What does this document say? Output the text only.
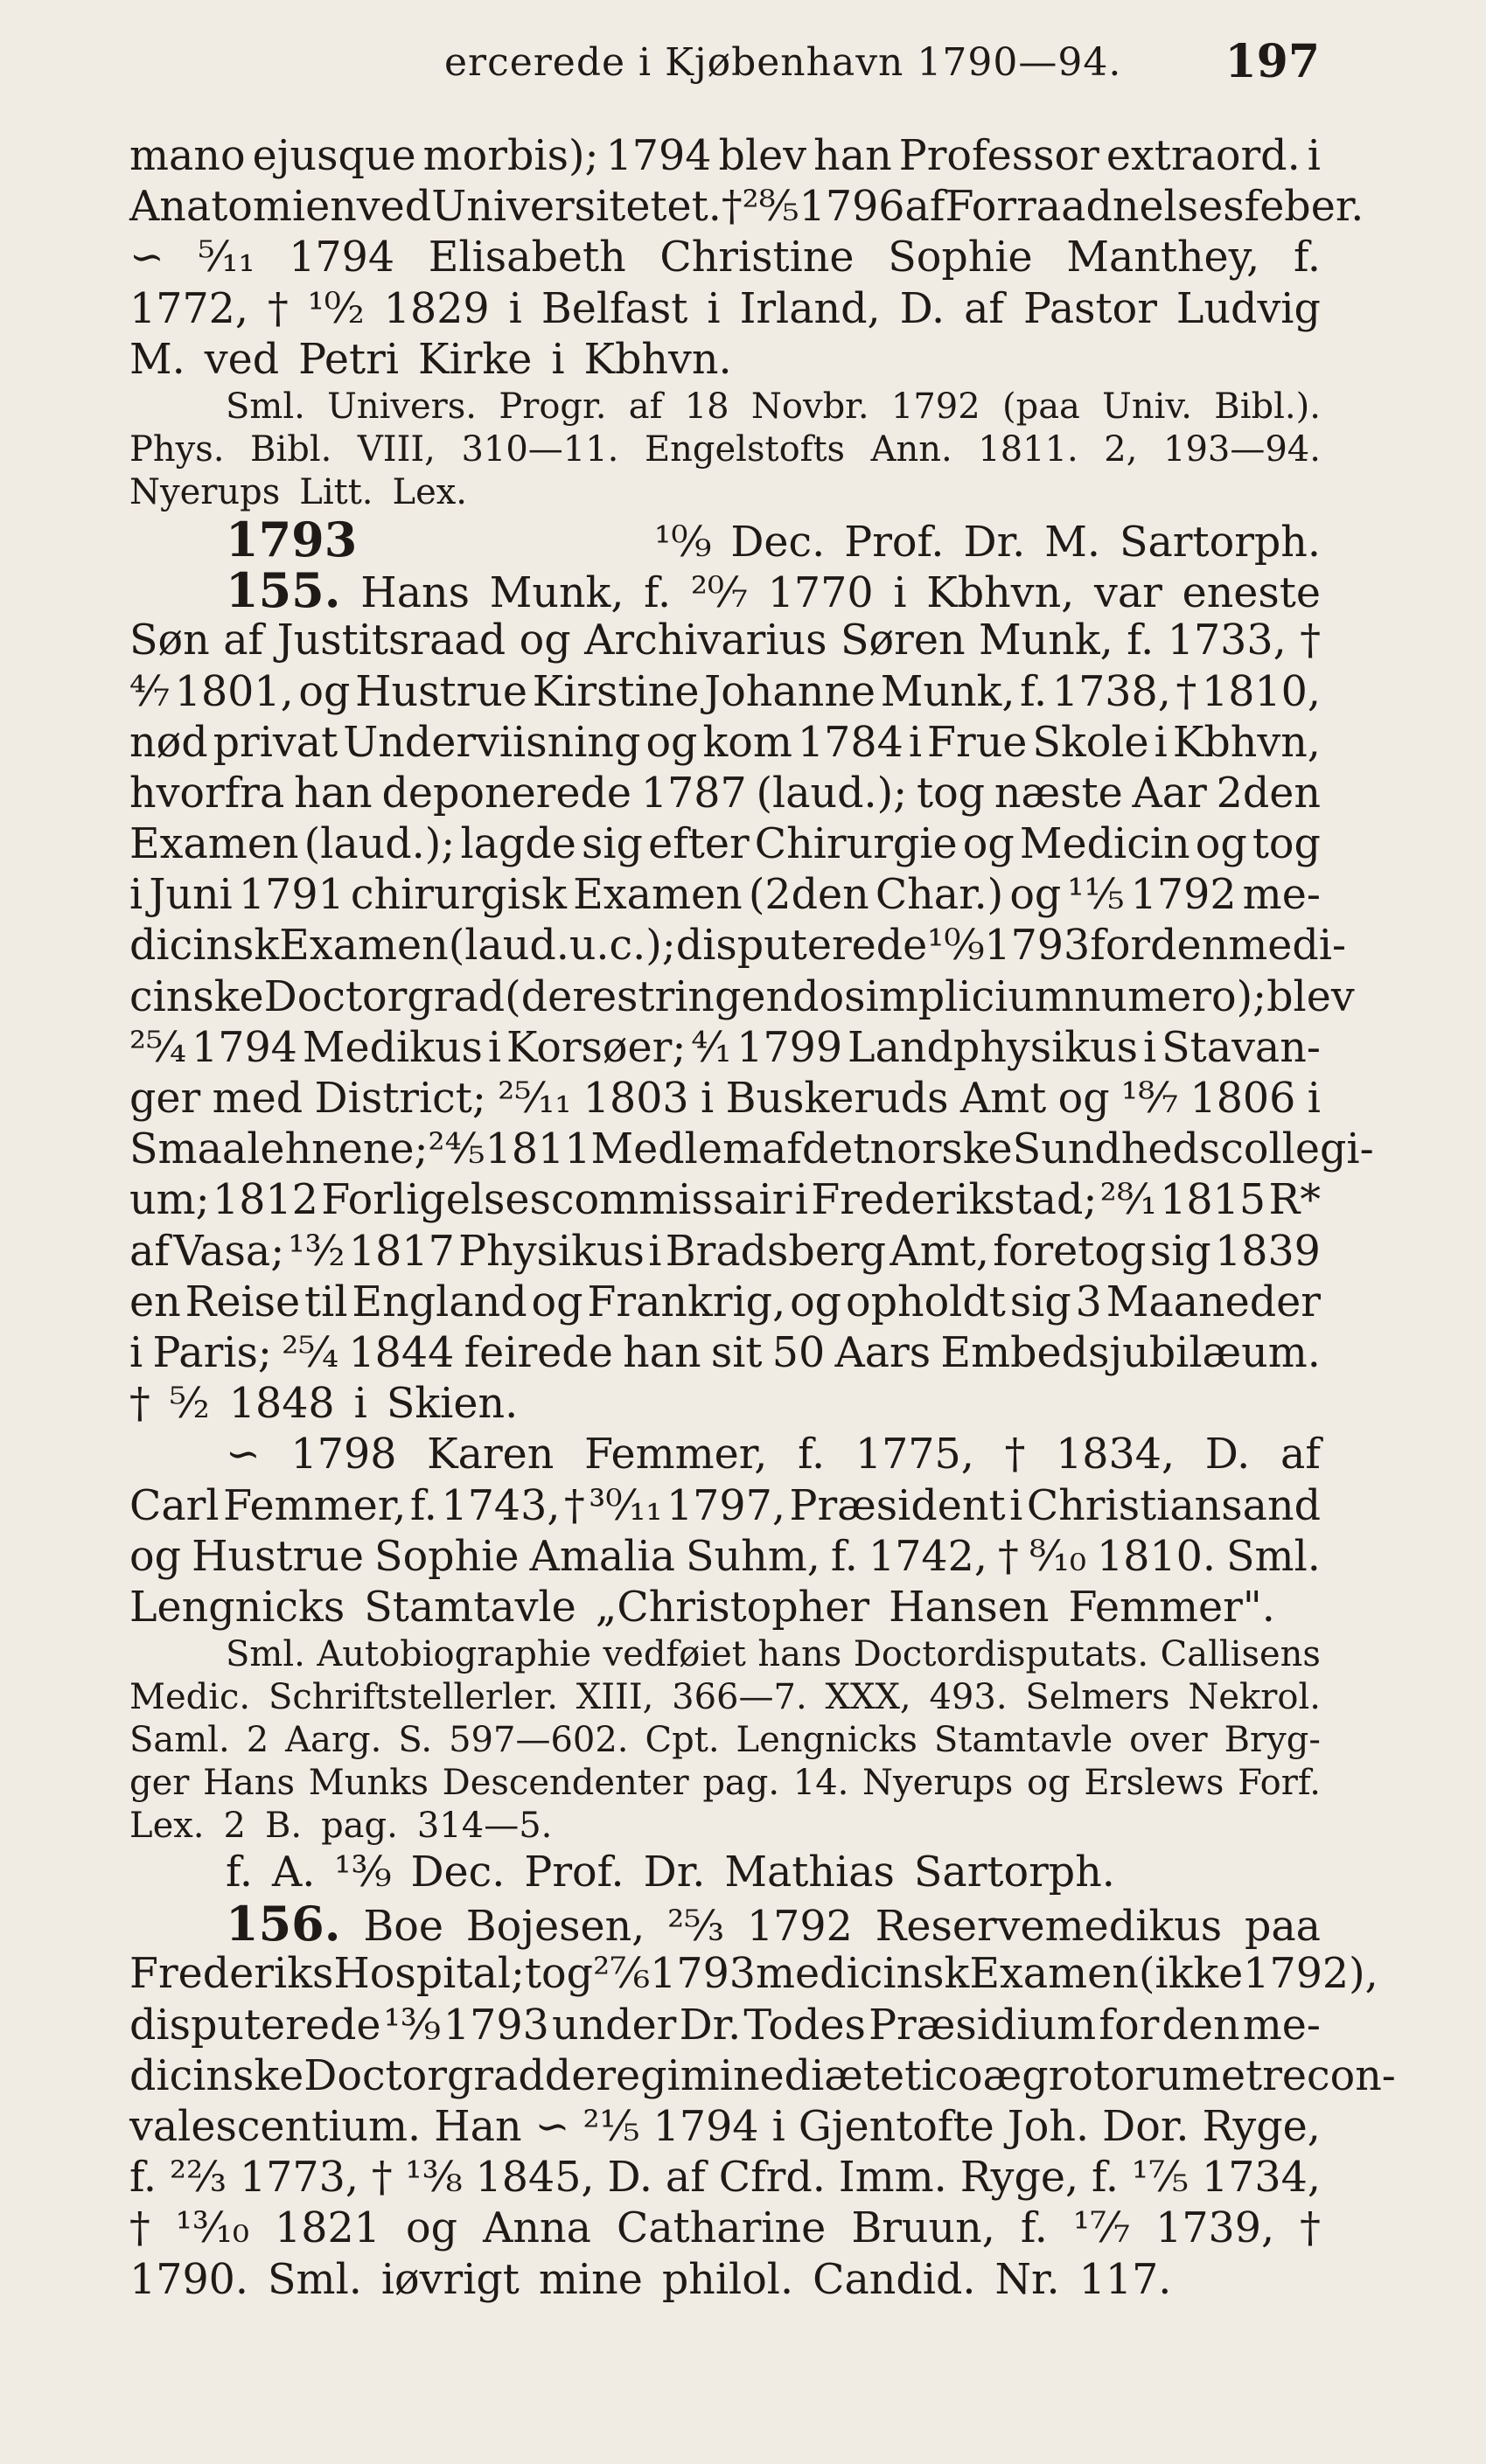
ercerede i Kjøbenhavn 1790—94. 197
mano ejusque morbis); 1794 blev han Professor extraord. i
Anatomien ved Universitetet. † ²⁸⁄₅ 1796 af Forraadnelsesfeber.
∽ ⁵⁄₁₁ 1794 Elisabeth Christine Sophie Manthey, f.
1772, † ¹⁰⁄₂ 1829 i Belfast i Irland, D. af Pastor Ludvig
M. ved Petri Kirke i Kbhvn.
Sml. Univers. Progr. af 18 Novbr. 1792 (paa Univ. Bibl.).
Phys. Bibl. VIII, 310—11. Engelstofts Ann. 1811. 2, 193—94.
Nyerups Litt. Lex.
1793	¹⁰⁄₉ Dec. Prof. Dr. M. Sartorph.
155. Hans Munk, f. ²⁰⁄₇ 1770 i Kbhvn, var eneste
Søn af Justitsraad og Archivarius Søren Munk, f. 1733, †
⁴⁄₇ 1801, og Hustrue Kirstine Johanne Munk, f. 1738, † 1810,
nød privat Underviisning og kom 1784 i Frue Skole i Kbhvn,
hvorfra han deponerede 1787 (laud.); tog næste Aar 2den
Examen (laud.); lagde sig efter Chirurgie og Medicin og tog
i Juni 1791 chirurgisk Examen (2den Char.) og ¹¹⁄₅ 1792 me-
dicinsk Examen (laud. u. c.); disputerede ¹⁰⁄₉ 1793 for den medi-
cinske Doctorgrad (de restringendo simplicium numero); blev
²⁵⁄₄ 1794 Medikus i Korsøer; ⁴⁄₁ 1799 Landphysikus i Stavan-
ger med District; ²⁵⁄₁₁ 1803 i Buskeruds Amt og ¹⁸⁄₇ 1806 i
Smaalehnene; ²⁴⁄₅ 1811 Medlem af det norske Sundhedscollegi-
um; 1812 Forligelsescommissair i Frederikstad; ²⁸⁄₁ 1815 R*
af Vasa; ¹³⁄₂ 1817 Physikus i Bradsberg Amt, foretog sig 1839
en Reise til England og Frankrig, og opholdt sig 3 Maaneder
i Paris; ²⁵⁄₄ 1844 feirede han sit 50 Aars Embedsjubilæum.
† ⁵⁄₂ 1848 i Skien.
∽ 1798 Karen Femmer, f. 1775, † 1834, D. af
Carl Femmer, f. 1743, † ³⁰⁄₁₁ 1797, Præsident i Christiansand
og Hustrue Sophie Amalia Suhm, f. 1742, † ⁸⁄₁₀ 1810. Sml.
Lengnicks Stamtavle „Christopher Hansen Femmer".
Sml. Autobiographie vedføiet hans Doctordisputats. Callisens
Medic. Schriftstellerler. XIII, 366—7. XXX, 493. Selmers Nekrol.
Saml. 2 Aarg. S. 597—602. Cpt. Lengnicks Stamtavle over Bryg-
ger Hans Munks Descendenter pag. 14. Nyerups og Erslews Forf.
Lex. 2 B. pag. 314—5.
f. A. ¹³⁄₉ Dec. Prof. Dr. Mathias Sartorph.
156. Boe Bojesen, ²⁵⁄₃ 1792 Reservemedikus paa
Frederiks Hospital; tog ²⁷⁄₆ 1793 medicinsk Examen (ikke 1792),
disputerede ¹³⁄₉ 1793 under Dr. Todes Præsidium for den me-
dicinske Doctorgrad de regimine diætetico ægrotorum et recon-
valescentium. Han ∽ ²¹⁄₅ 1794 i Gjentofte Joh. Dor. Ryge,
f. ²²⁄₃ 1773, † ¹³⁄₈ 1845, D. af Cfrd. Imm. Ryge, f. ¹⁷⁄₅ 1734,
† ¹³⁄₁₀ 1821 og Anna Catharine Bruun, f. ¹⁷⁄₇ 1739, †
1790. Sml. iøvrigt mine philol. Candid. Nr. 117.
